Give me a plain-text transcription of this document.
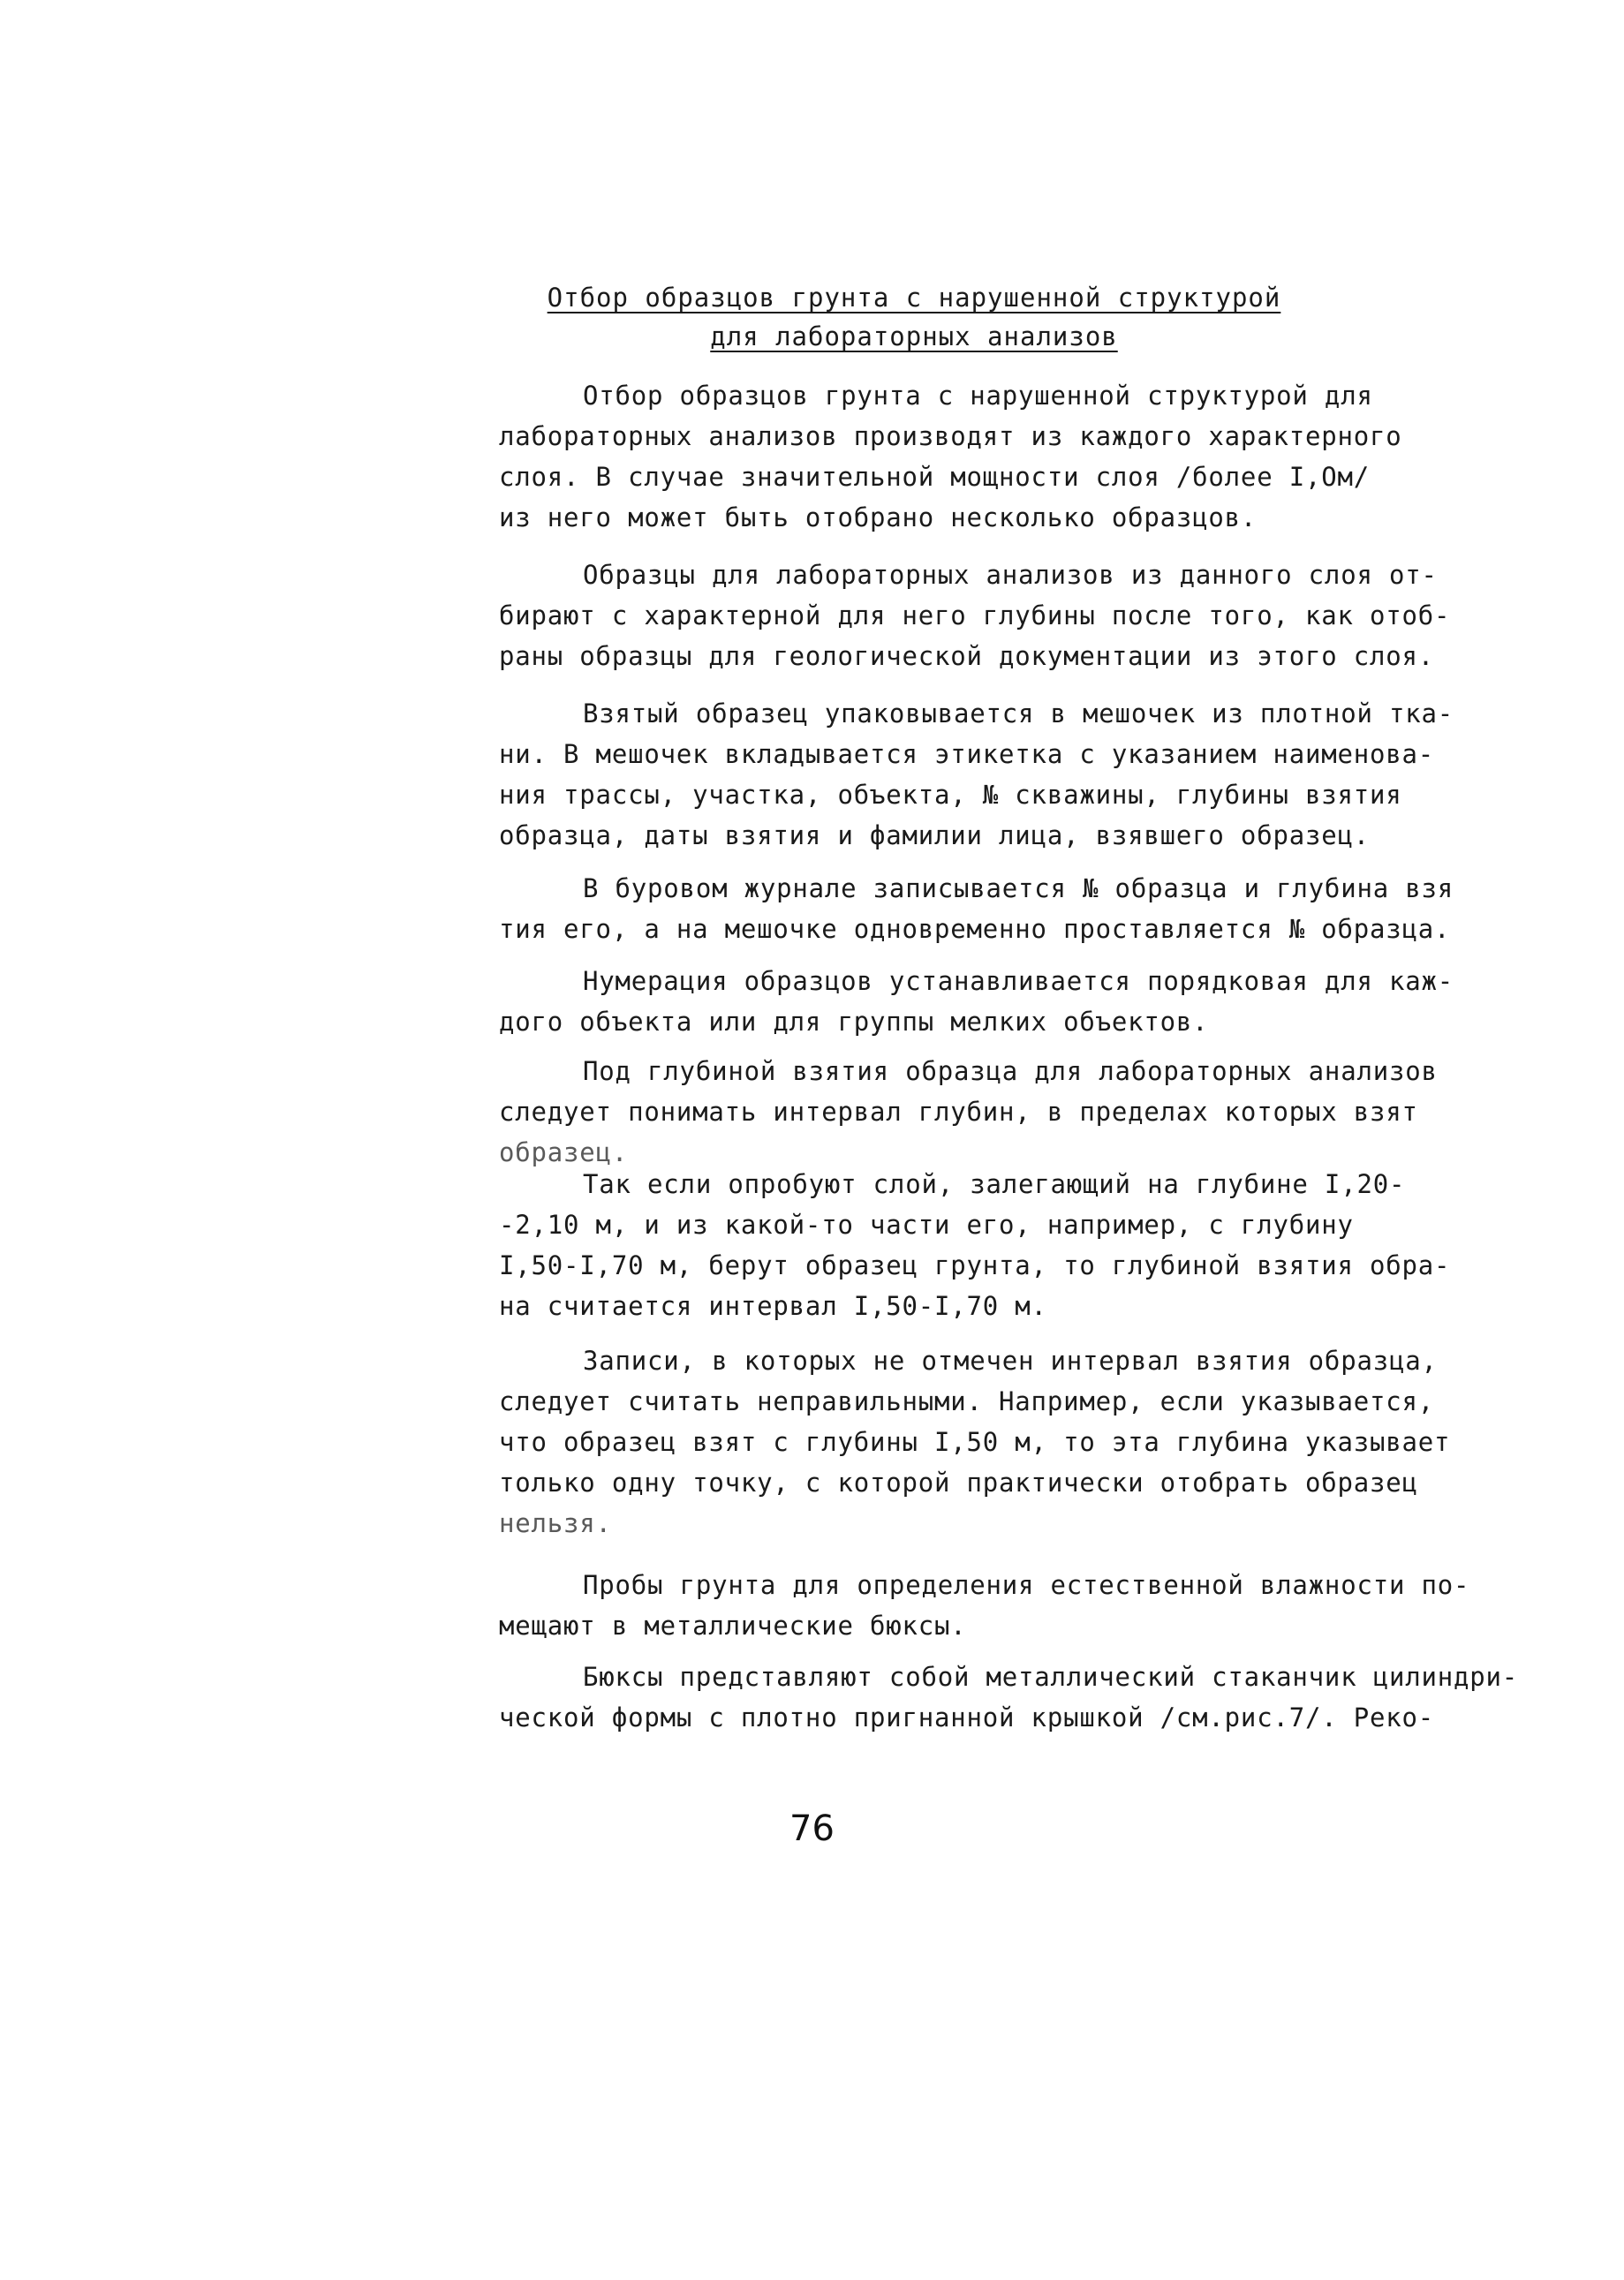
Отбор образцов грунта с нарушенной структурой
для лабораторных анализов
Отбор образцов грунта с нарушенной структурой для
лабораторных анализов производят из каждого характерного
слоя. В случае значительной мощности слоя /более I,Ом/
из него может быть отобрано несколько образцов.
Образцы для лабораторных анализов из данного слоя от-
бирают с характерной для него глубины после того, как отоб-
раны образцы для геологической документации из этого слоя.
Взятый образец упаковывается в мешочек из плотной тка-
ни. В мешочек вкладывается этикетка с указанием наименова-
ния трассы, участка, объекта, № скважины, глубины взятия
образца, даты взятия и фамилии лица, взявшего образец.
В буровом журнале записывается № образца и глубина взя
тия его, а на мешочке одновременно проставляется № образца.
Нумерация образцов устанавливается порядковая для каж-
дого объекта или для группы мелких объектов.
Под глубиной взятия образца для лабораторных анализов
следует понимать интервал глубин, в пределах которых взят
образец.
Так если опробуют слой, залегающий на глубине I,20-
-2,10 м, и из какой-то части его, например, с глубину
I,50-I,70 м, берут образец грунта, то глубиной взятия обра-
на считается интервал I,50-I,70 м.
Записи, в которых не отмечен интервал взятия образца,
следует считать неправильными. Например, если указывается,
что образец взят с глубины I,50 м, то эта глубина указывает
только одну точку, с которой практически отобрать образец
нельзя.
Пробы грунта для определения естественной влажности по-
мещают в металлические бюксы.
Бюксы представляют собой металлический стаканчик цилиндри-
ческой формы с плотно пригнанной крышкой /см.рис.7/. Реко-
76
